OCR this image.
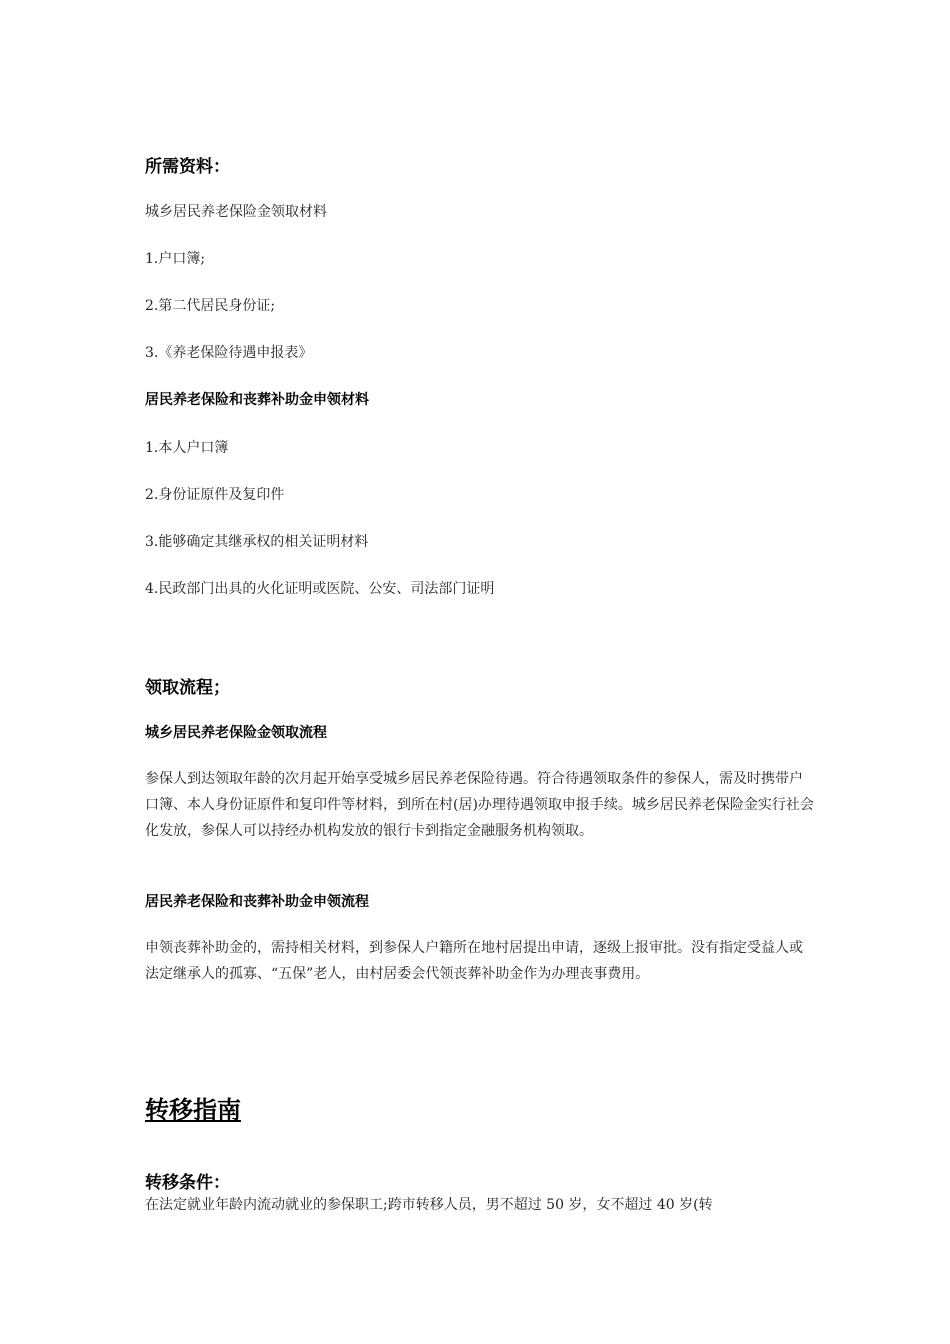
所需资料：

城乡居民养老保险金领取材料

1.户口簿;

2.第二代居民身份证;

3.《养老保险待遇申报表》

居民养老保险和丧葬补助金申领材料

1.本人户口簿

2.身份证原件及复印件

3.能够确定其继承权的相关证明材料

4.民政部门出具的火化证明或医院、公安、司法部门证明

领取流程；

城乡居民养老保险金领取流程

参保人到达领取年龄的次月起开始享受城乡居民养老保险待遇。符合待遇领取条件的参保人，需及时携带户口簿、本人身份证原件和复印件等材料，到所在村(居)办理待遇领取申报手续。城乡居民养老保险金实行社会化发放，参保人可以持经办机构发放的银行卡到指定金融服务机构领取。

居民养老保险和丧葬补助金申领流程

申领丧葬补助金的，需持相关材料，到参保人户籍所在地村居提出申请，逐级上报审批。没有指定受益人或法定继承人的孤寡、“五保”老人，由村居委会代领丧葬补助金作为办理丧事费用。

转移指南

转移条件：

在法定就业年龄内流动就业的参保职工;跨市转移人员，男不超过 50 岁，女不超过 40 岁(转
